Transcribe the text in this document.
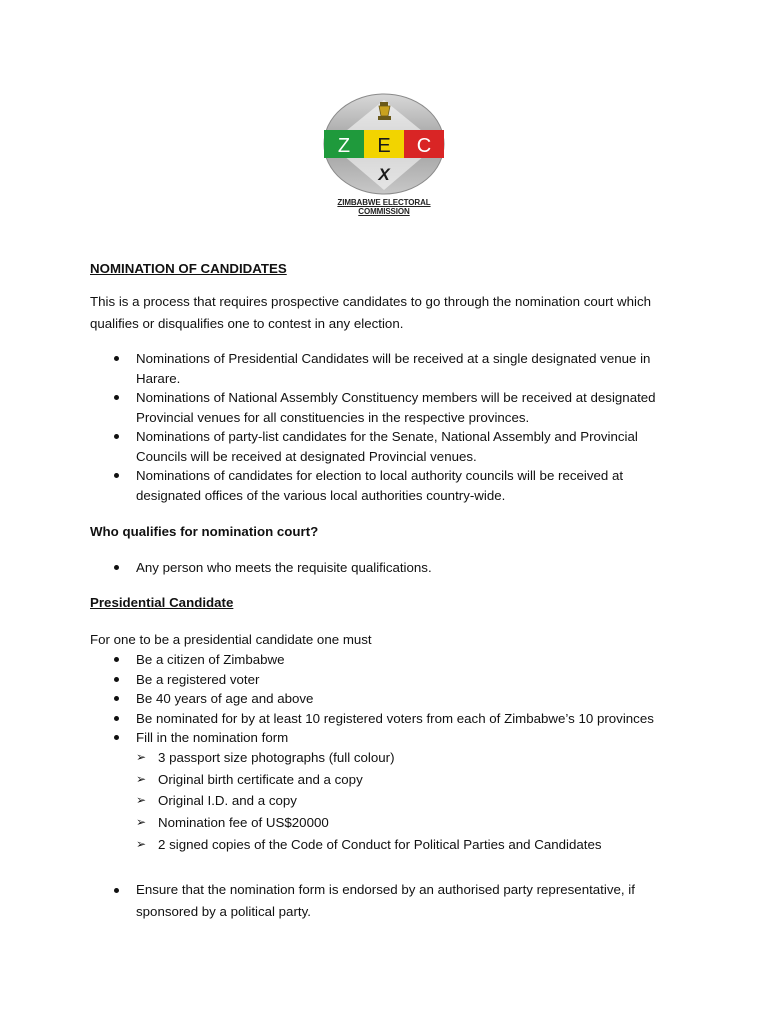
Z E C
X
ZIMBABWE ELECTORAL COMMISSION
NOMINATION OF CANDIDATES
This is a process that requires prospective candidates to go through the nomination court which qualifies or disqualifies one to contest in any election.
Nominations of Presidential Candidates will be received at a single designated venue in Harare.
Nominations of National Assembly Constituency members will be received at designated Provincial venues for all constituencies in the respective provinces.
Nominations of party-list candidates for the Senate, National Assembly and Provincial Councils will be received at designated Provincial venues.
Nominations of candidates for election to local authority councils will be received at designated offices of the various local authorities country-wide.
Who qualifies for nomination court?
Any person who meets the requisite qualifications.
Presidential Candidate
For one to be a presidential candidate one must
Be a citizen of Zimbabwe
Be a registered voter
Be 40 years of age and above
Be nominated for by at least 10 registered voters from each of Zimbabwe’s 10 provinces
Fill in the nomination form
➢ 3 passport size photographs (full colour)
➢ Original birth certificate and a copy
➢ Original I.D. and a copy
➢ Nomination fee of US$20000
➢ 2 signed copies of the Code of Conduct for Political Parties and Candidates
Ensure that the nomination form is endorsed by an authorised party representative, if sponsored by a political party.
